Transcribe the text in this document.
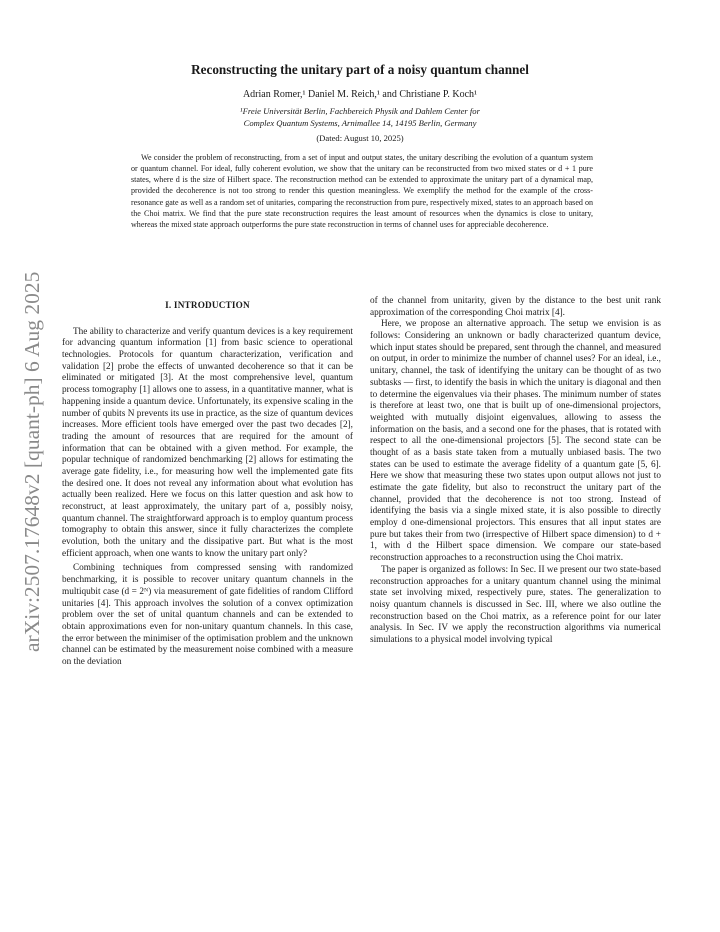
arXiv:2507.17648v2 [quant-ph] 6 Aug 2025
Reconstructing the unitary part of a noisy quantum channel
Adrian Romer,¹ Daniel M. Reich,¹ and Christiane P. Koch¹
¹Freie Universität Berlin, Fachbereich Physik and Dahlem Center for
Complex Quantum Systems, Arnimallee 14, 14195 Berlin, Germany
(Dated: August 10, 2025)

We consider the problem of reconstructing, from a set of input and output states, the unitary describing the evolution of a quantum system or quantum channel. For ideal, fully coherent evolution, we show that the unitary can be reconstructed from two mixed states or d + 1 pure states, where d is the size of Hilbert space. The reconstruction method can be extended to approximate the unitary part of a dynamical map, provided the decoherence is not too strong to render this question meaningless. We exemplify the method for the example of the cross-resonance gate as well as a random set of unitaries, comparing the reconstruction from pure, respectively mixed, states to an approach based on the Choi matrix. We find that the pure state reconstruction requires the least amount of resources when the dynamics is close to unitary, whereas the mixed state approach outperforms the pure state reconstruction in terms of channel uses for appreciable decoherence.

I. INTRODUCTION

The ability to characterize and verify quantum devices is a key requirement for advancing quantum information [1] from basic science to operational technologies. Protocols for quantum characterization, verification and validation [2] probe the effects of unwanted decoherence so that it can be eliminated or mitigated [3]. At the most comprehensive level, quantum process tomography [1] allows one to assess, in a quantitative manner, what is happening inside a quantum device. Unfortunately, its expensive scaling in the number of qubits N prevents its use in practice, as the size of quantum devices increases. More efficient tools have emerged over the past two decades [2], trading the amount of resources that are required for the amount of information that can be obtained with a given method. For example, the popular technique of randomized benchmarking [2] allows for estimating the average gate fidelity, i.e., for measuring how well the implemented gate fits the desired one. It does not reveal any information about what evolution has actually been realized. Here we focus on this latter question and ask how to reconstruct, at least approximately, the unitary part of a, possibly noisy, quantum channel. The straightforward approach is to employ quantum process tomography to obtain this answer, since it fully characterizes the complete evolution, both the unitary and the dissipative part. But what is the most efficient approach, when one wants to know the unitary part only?

Combining techniques from compressed sensing with randomized benchmarking, it is possible to recover unitary quantum channels in the multiqubit case (d = 2ᴺ) via measurement of gate fidelities of random Clifford unitaries [4]. This approach involves the solution of a convex optimization problem over the set of unital quantum channels and can be extended to obtain approximations even for non-unitary quantum channels. In this case, the error between the minimiser of the optimisation problem and the unknown channel can be estimated by the measurement noise combined with a measure on the deviation

of the channel from unitarity, given by the distance to the best unit rank approximation of the corresponding Choi matrix [4].

Here, we propose an alternative approach. The setup we envision is as follows: Considering an unknown or badly characterized quantum device, which input states should be prepared, sent through the channel, and measured on output, in order to minimize the number of channel uses? For an ideal, i.e., unitary, channel, the task of identifying the unitary can be thought of as two subtasks — first, to identify the basis in which the unitary is diagonal and then to determine the eigenvalues via their phases. The minimum number of states is therefore at least two, one that is built up of one-dimensional projectors, weighted with mutually disjoint eigenvalues, allowing to assess the information on the basis, and a second one for the phases, that is rotated with respect to all the one-dimensional projectors [5]. The second state can be thought of as a basis state taken from a mutually unbiased basis. The two states can be used to estimate the average fidelity of a quantum gate [5, 6]. Here we show that measuring these two states upon output allows not just to estimate the gate fidelity, but also to reconstruct the unitary part of the channel, provided that the decoherence is not too strong. Instead of identifying the basis via a single mixed state, it is also possible to directly employ d one-dimensional projectors. This ensures that all input states are pure but takes their from two (irrespective of Hilbert space dimension) to d + 1, with d the Hilbert space dimension. We compare our state-based reconstruction approaches to a reconstruction using the Choi matrix.

The paper is organized as follows: In Sec. II we present our two state-based reconstruction approaches for a unitary quantum channel using the minimal state set involving mixed, respectively pure, states. The generalization to noisy quantum channels is discussed in Sec. III, where we also outline the reconstruction based on the Choi matrix, as a reference point for our later analysis. In Sec. IV we apply the reconstruction algorithms via numerical simulations to a physical model involving typical
